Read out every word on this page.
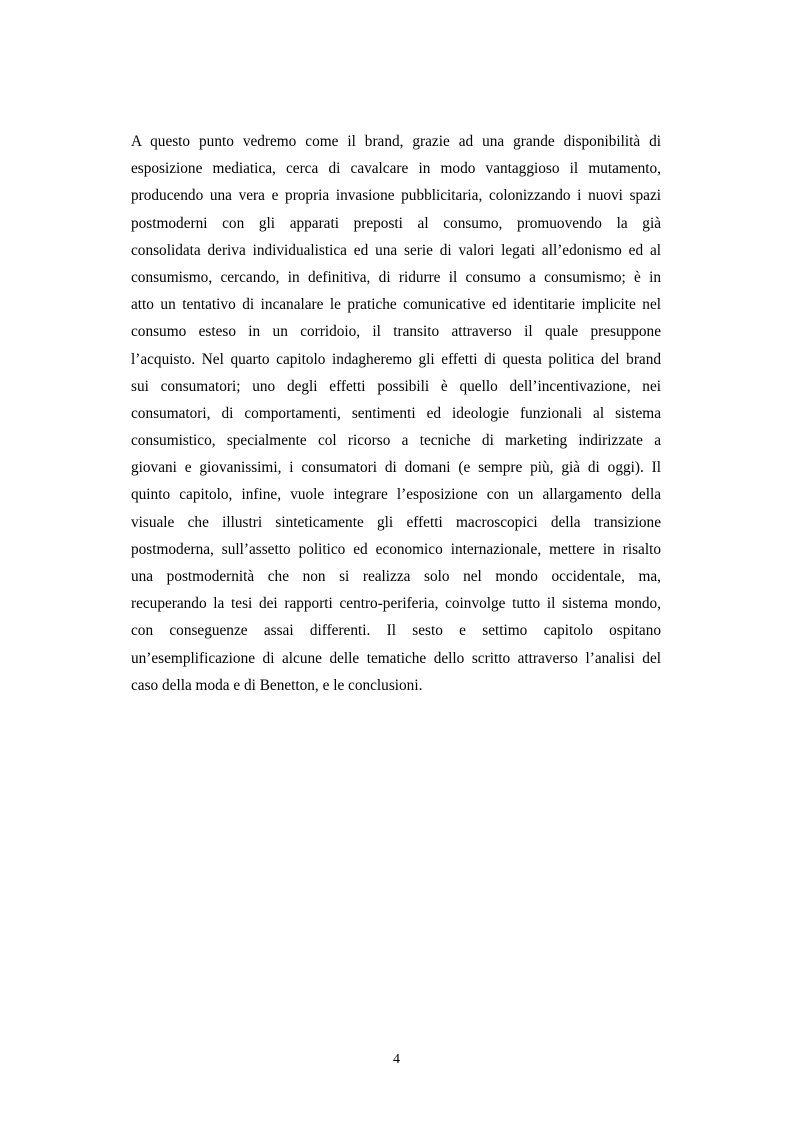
A questo punto vedremo come il brand, grazie ad una grande disponibilità di
esposizione mediatica, cerca di cavalcare in modo vantaggioso il mutamento,
producendo una vera e propria invasione pubblicitaria, colonizzando i nuovi spazi
postmoderni con gli apparati preposti al consumo, promuovendo la già
consolidata deriva individualistica ed una serie di valori legati all’edonismo ed al
consumismo, cercando, in definitiva, di ridurre il consumo a consumismo; è in
atto un tentativo di incanalare le pratiche comunicative ed identitarie implicite nel
consumo esteso in un corridoio, il transito attraverso il quale presuppone
l’acquisto. Nel quarto capitolo indagheremo gli effetti di questa politica del brand
sui consumatori; uno degli effetti possibili è quello dell’incentivazione, nei
consumatori, di comportamenti, sentimenti ed ideologie funzionali al sistema
consumistico, specialmente col ricorso a tecniche di marketing indirizzate a
giovani e giovanissimi, i consumatori di domani (e sempre più, già di oggi). Il
quinto capitolo, infine, vuole integrare l’esposizione con un allargamento della
visuale che illustri sinteticamente gli effetti macroscopici della transizione
postmoderna, sull’assetto politico ed economico internazionale, mettere in risalto
una postmodernità che non si realizza solo nel mondo occidentale, ma,
recuperando la tesi dei rapporti centro-periferia, coinvolge tutto il sistema mondo,
con conseguenze assai differenti. Il sesto e settimo capitolo ospitano
un’esemplificazione di alcune delle tematiche dello scritto attraverso l’analisi del
caso della moda e di Benetton, e le conclusioni.
4
